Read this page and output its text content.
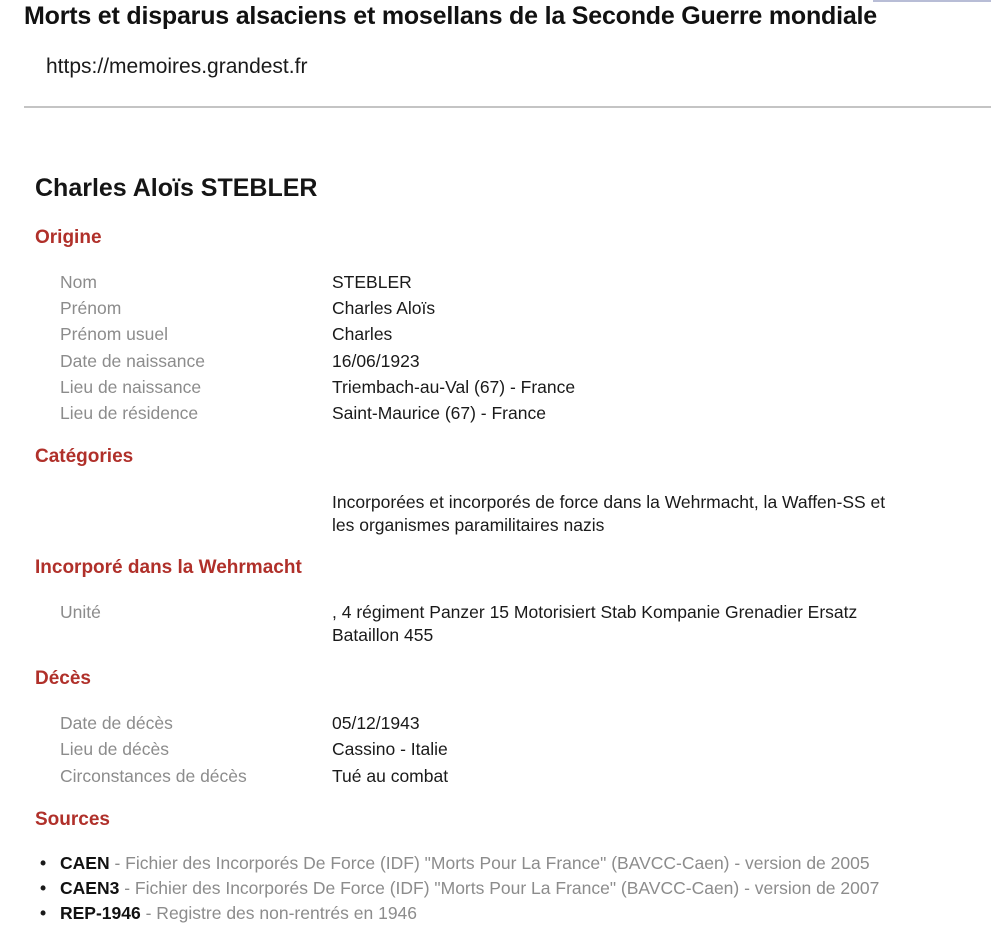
Morts et disparus alsaciens et mosellans de la Seconde Guerre mondiale
https://memoires.grandest.fr
Charles Aloïs STEBLER
Origine
Nom	STEBLER
Prénom	Charles Aloïs
Prénom usuel	Charles
Date de naissance	16/06/1923
Lieu de naissance	Triembach-au-Val (67) - France
Lieu de résidence	Saint-Maurice (67) - France
Catégories
Incorporées et incorporés de force dans la Wehrmacht, la Waffen-SS et les organismes paramilitaires nazis
Incorporé dans la Wehrmacht
Unité	, 4 régiment Panzer 15 Motorisiert Stab Kompanie Grenadier Ersatz Bataillon 455
Décès
Date de décès	05/12/1943
Lieu de décès	Cassino - Italie
Circonstances de décès	Tué au combat
Sources
• CAEN - Fichier des Incorporés De Force (IDF) "Morts Pour La France" (BAVCC-Caen) - version de 2005
• CAEN3 - Fichier des Incorporés De Force (IDF) "Morts Pour La France" (BAVCC-Caen) - version de 2007
• REP-1946 - Registre des non-rentrés en 1946
